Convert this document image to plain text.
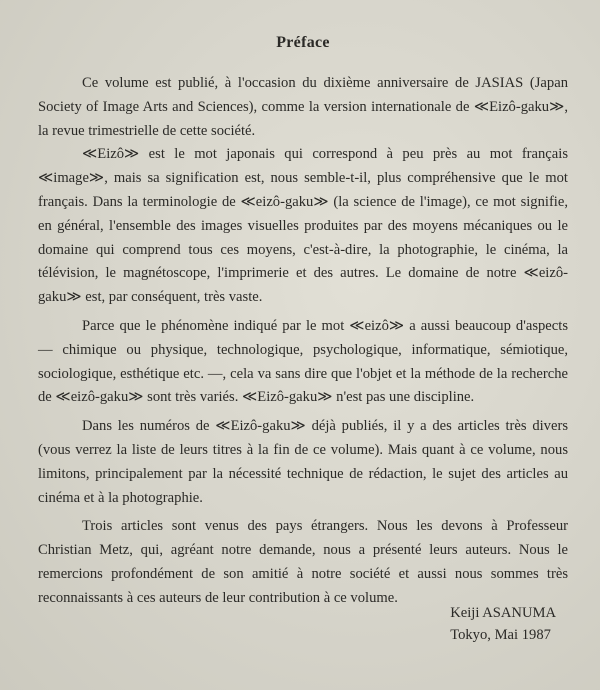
Préface

Ce volume est publié, à l'occasion du dixième anniversaire de JASIAS (Japan Society of Image Arts and Sciences), comme la version internationale de ≪Eizô-gaku≫, la revue trimestrielle de cette société.

≪Eizô≫ est le mot japonais qui correspond à peu près au mot français ≪image≫, mais sa signification est, nous semble-t-il, plus compréhensive que le mot français. Dans la terminologie de ≪eizô-gaku≫ (la science de l'image), ce mot signifie, en général, l'ensemble des images visuelles produites par des moyens mécaniques ou le domaine qui comprend tous ces moyens, c'est-à-dire, la photographie, le cinéma, la télévision, le magnétoscope, l'imprimerie et des autres. Le domaine de notre ≪eizô-gaku≫ est, par conséquent, très vaste.

Parce que le phénomène indiqué par le mot ≪eizô≫ a aussi beaucoup d'aspects — chimique ou physique, technologique, psychologique, informatique, sémiotique, sociologique, esthétique etc. —, cela va sans dire que l'objet et la méthode de la recherche de ≪eizô-gaku≫ sont très variés. ≪Eizô-gaku≫ n'est pas une discipline.

Dans les numéros de ≪Eizô-gaku≫ déjà publiés, il y a des articles très divers (vous verrez la liste de leurs titres à la fin de ce volume). Mais quant à ce volume, nous limitons, principalement par la nécessité technique de rédaction, le sujet des articles au cinéma et à la photographie.

Trois articles sont venus des pays étrangers. Nous les devons à Professeur Christian Metz, qui, agréant notre demande, nous a présenté leurs auteurs. Nous le remercions profondément de son amitié à notre société et aussi nous sommes très reconnaissants à ces auteurs de leur contribution à ce volume.

Keiji ASANUMA
Tokyo, Mai 1987
